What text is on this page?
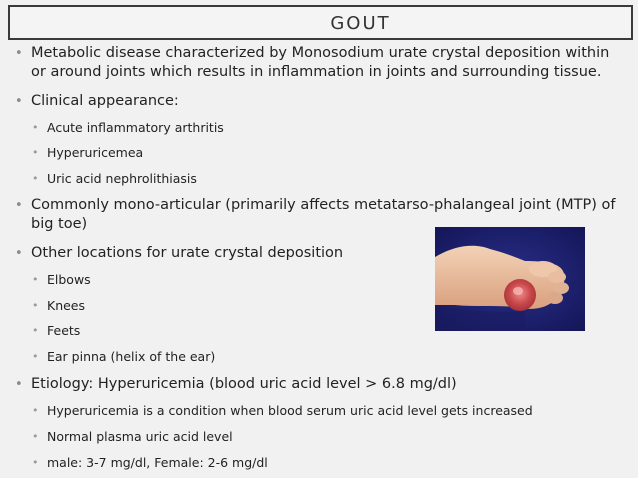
GOUT
• Metabolic disease characterized by Monosodium urate crystal deposition within or around joints which results in inflammation in joints and surrounding tissue.
• Clinical appearance:
• Acute inflammatory arthritis
• Hyperuricemea
• Uric acid nephrolithiasis
• Commonly mono-articular (primarily affects metatarso-phalangeal joint (MTP) of big toe)
• Other locations for urate crystal deposition
• Elbows
• Knees
• Feets
• Ear pinna (helix of the ear)
• Etiology: Hyperuricemia (blood uric acid level > 6.8 mg/dl)
• Hyperuricemia is a condition when blood serum uric acid level gets increased
• Normal plasma uric acid level
• male: 3-7 mg/dl, Female: 2-6 mg/dl
